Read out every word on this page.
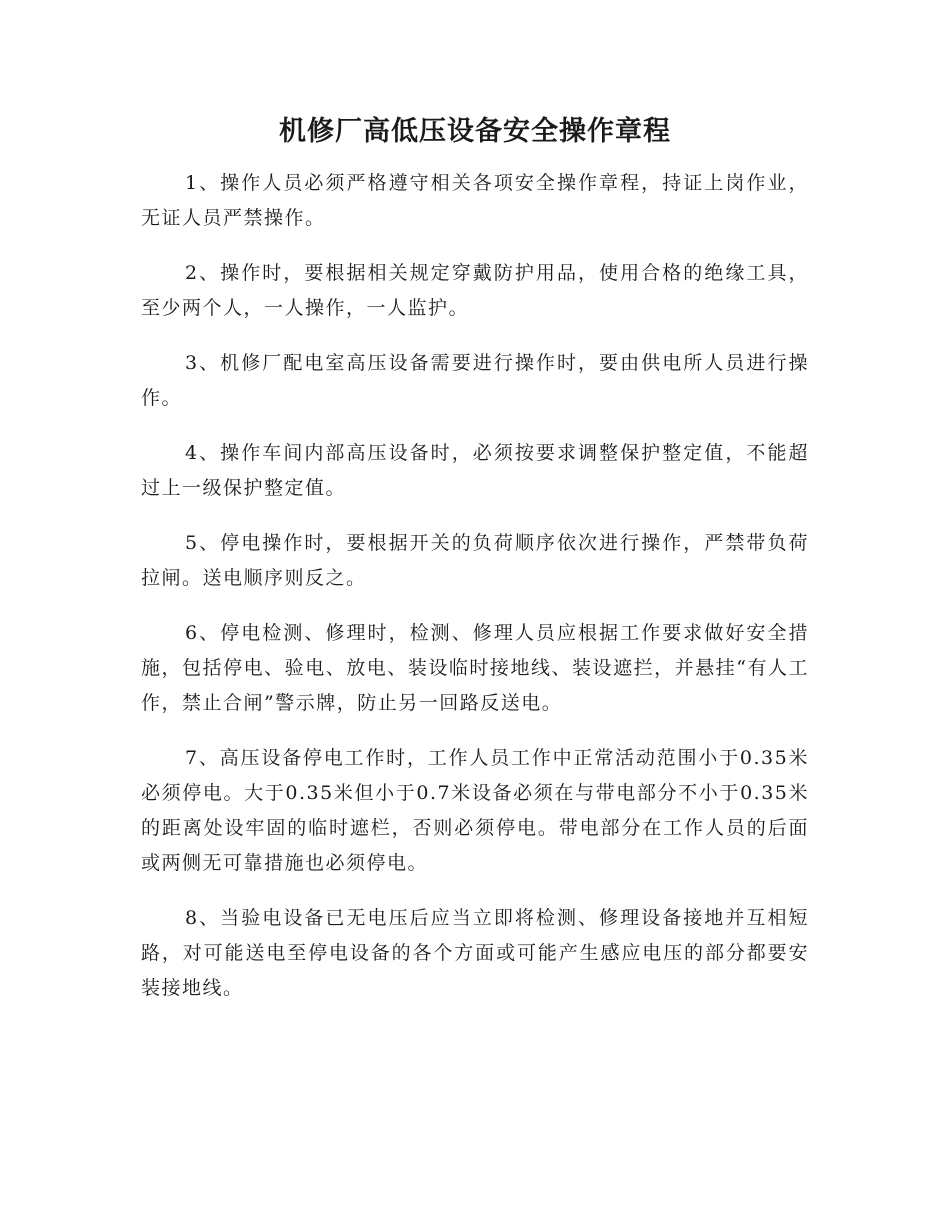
机修厂高低压设备安全操作章程

1、操作人员必须严格遵守相关各项安全操作章程，持证上岗作业，无证人员严禁操作。

2、操作时，要根据相关规定穿戴防护用品，使用合格的绝缘工具，至少两个人，一人操作，一人监护。

3、机修厂配电室高压设备需要进行操作时，要由供电所人员进行操作。

4、操作车间内部高压设备时，必须按要求调整保护整定值，不能超过上一级保护整定值。

5、停电操作时，要根据开关的负荷顺序依次进行操作，严禁带负荷拉闸。送电顺序则反之。

6、停电检测、修理时，检测、修理人员应根据工作要求做好安全措施，包括停电、验电、放电、装设临时接地线、装设遮拦，并悬挂“有人工作，禁止合闸”警示牌，防止另一回路反送电。

7、高压设备停电工作时，工作人员工作中正常活动范围小于0.35米必须停电。大于0.35米但小于0.7米设备必须在与带电部分不小于0.35米的距离处设牢固的临时遮栏，否则必须停电。带电部分在工作人员的后面或两侧无可靠措施也必须停电。

8、当验电设备已无电压后应当立即将检测、修理设备接地并互相短路，对可能送电至停电设备的各个方面或可能产生感应电压的部分都要安装接地线。
